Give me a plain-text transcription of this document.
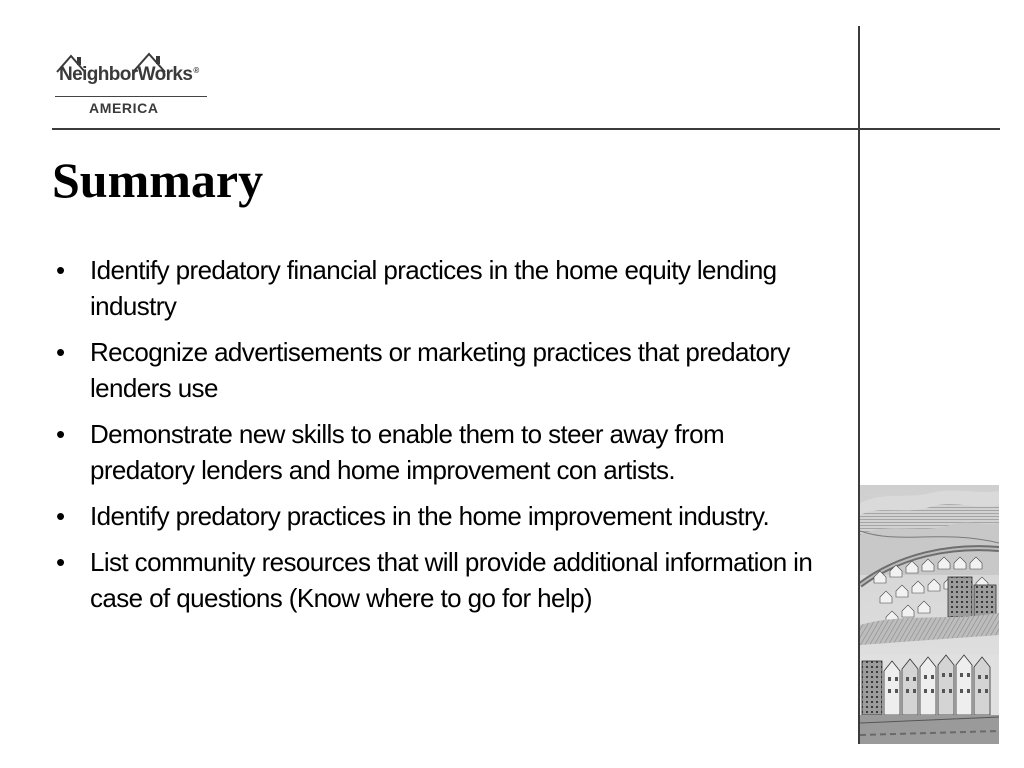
NeighborWorks®
AMERICA
Summary
• Identify predatory financial practices in the home equity lending industry
• Recognize advertisements or marketing practices that predatory lenders use
• Demonstrate new skills to enable them to steer away from predatory lenders and home improvement con artists.
• Identify predatory practices in the home improvement industry.
• List community resources that will provide additional information in case of questions (Know where to go for help)
